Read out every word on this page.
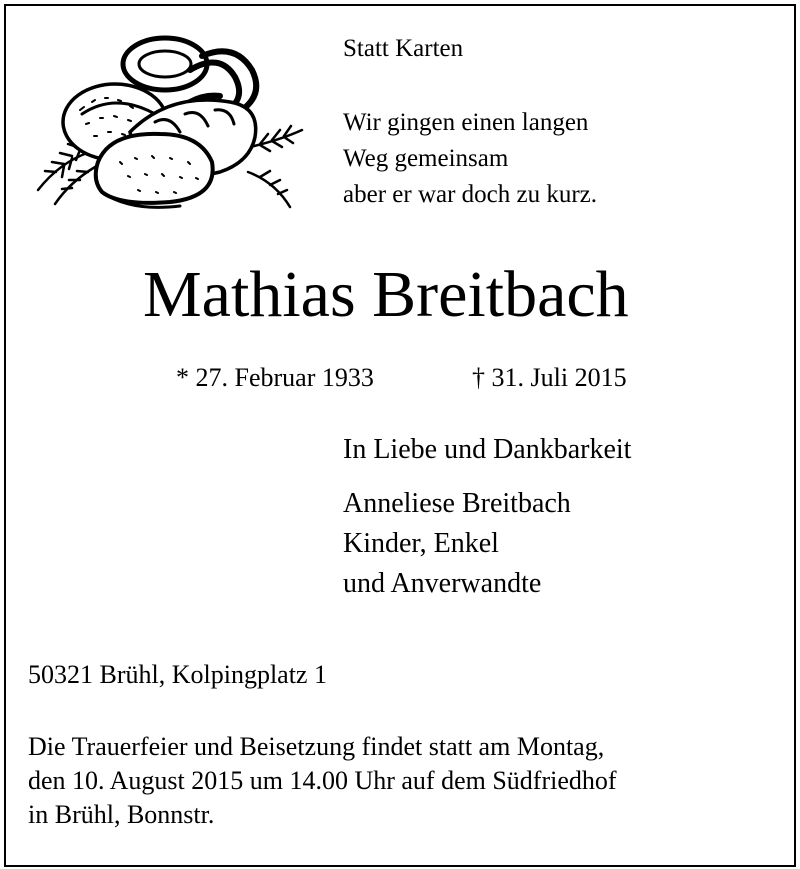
Statt Karten
Wir gingen einen langen
Weg gemeinsam
aber er war doch zu kurz.
Mathias Breitbach
* 27. Februar 1933	† 31. Juli 2015
In Liebe und Dankbarkeit
Anneliese Breitbach
Kinder, Enkel
und Anverwandte
50321 Brühl, Kolpingplatz 1
Die Trauerfeier und Beisetzung findet statt am Montag,
den 10. August 2015 um 14.00 Uhr auf dem Südfriedhof
in Brühl, Bonnstr.
